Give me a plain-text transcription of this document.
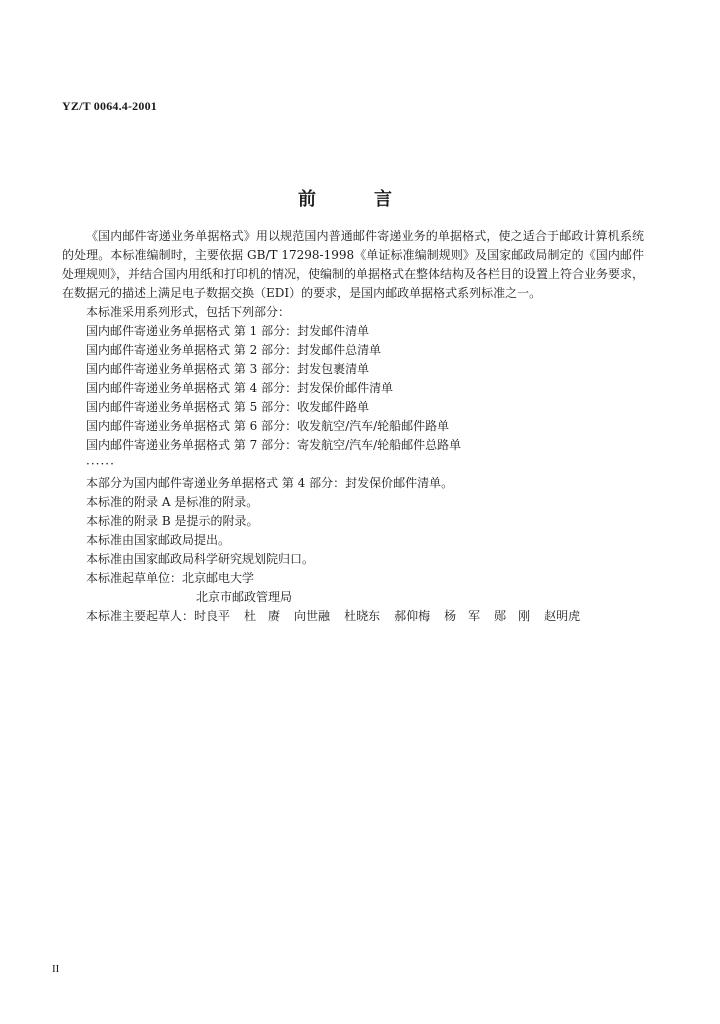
YZ/T 0064.4-2001
前言

《国内邮件寄递业务单据格式》用以规范国内普通邮件寄递业务的单据格式，使之适合于邮政计算机系统的处理。本标准编制时，主要依据 GB/T 17298-1998《单证标准编制规则》及国家邮政局制定的《国内邮件处理规则》，并结合国内用纸和打印机的情况，使编制的单据格式在整体结构及各栏目的设置上符合业务要求，在数据元的描述上满足电子数据交换（EDI）的要求，是国内邮政单据格式系列标准之一。

本标准采用系列形式，包括下列部分：

国内邮件寄递业务单据格式 第 1 部分：封发邮件清单

国内邮件寄递业务单据格式 第 2 部分：封发邮件总清单

国内邮件寄递业务单据格式 第 3 部分：封发包裹清单

国内邮件寄递业务单据格式 第 4 部分：封发保价邮件清单

国内邮件寄递业务单据格式 第 5 部分：收发邮件路单

国内邮件寄递业务单据格式 第 6 部分：收发航空/汽车/轮船邮件路单

国内邮件寄递业务单据格式 第 7 部分：寄发航空/汽车/轮船邮件总路单

······

本部分为国内邮件寄递业务单据格式 第 4 部分：封发保价邮件清单。

本标准的附录 A 是标准的附录。

本标准的附录 B 是提示的附录。

本标准由国家邮政局提出。

本标准由国家邮政局科学研究规划院归口。

本标准起草单位：北京邮电大学

北京市邮政管理局

本标准主要起草人：时良平 杜　赓 向世融 杜晓东 郝仰梅 杨　军 郧　刚 赵明虎

II
